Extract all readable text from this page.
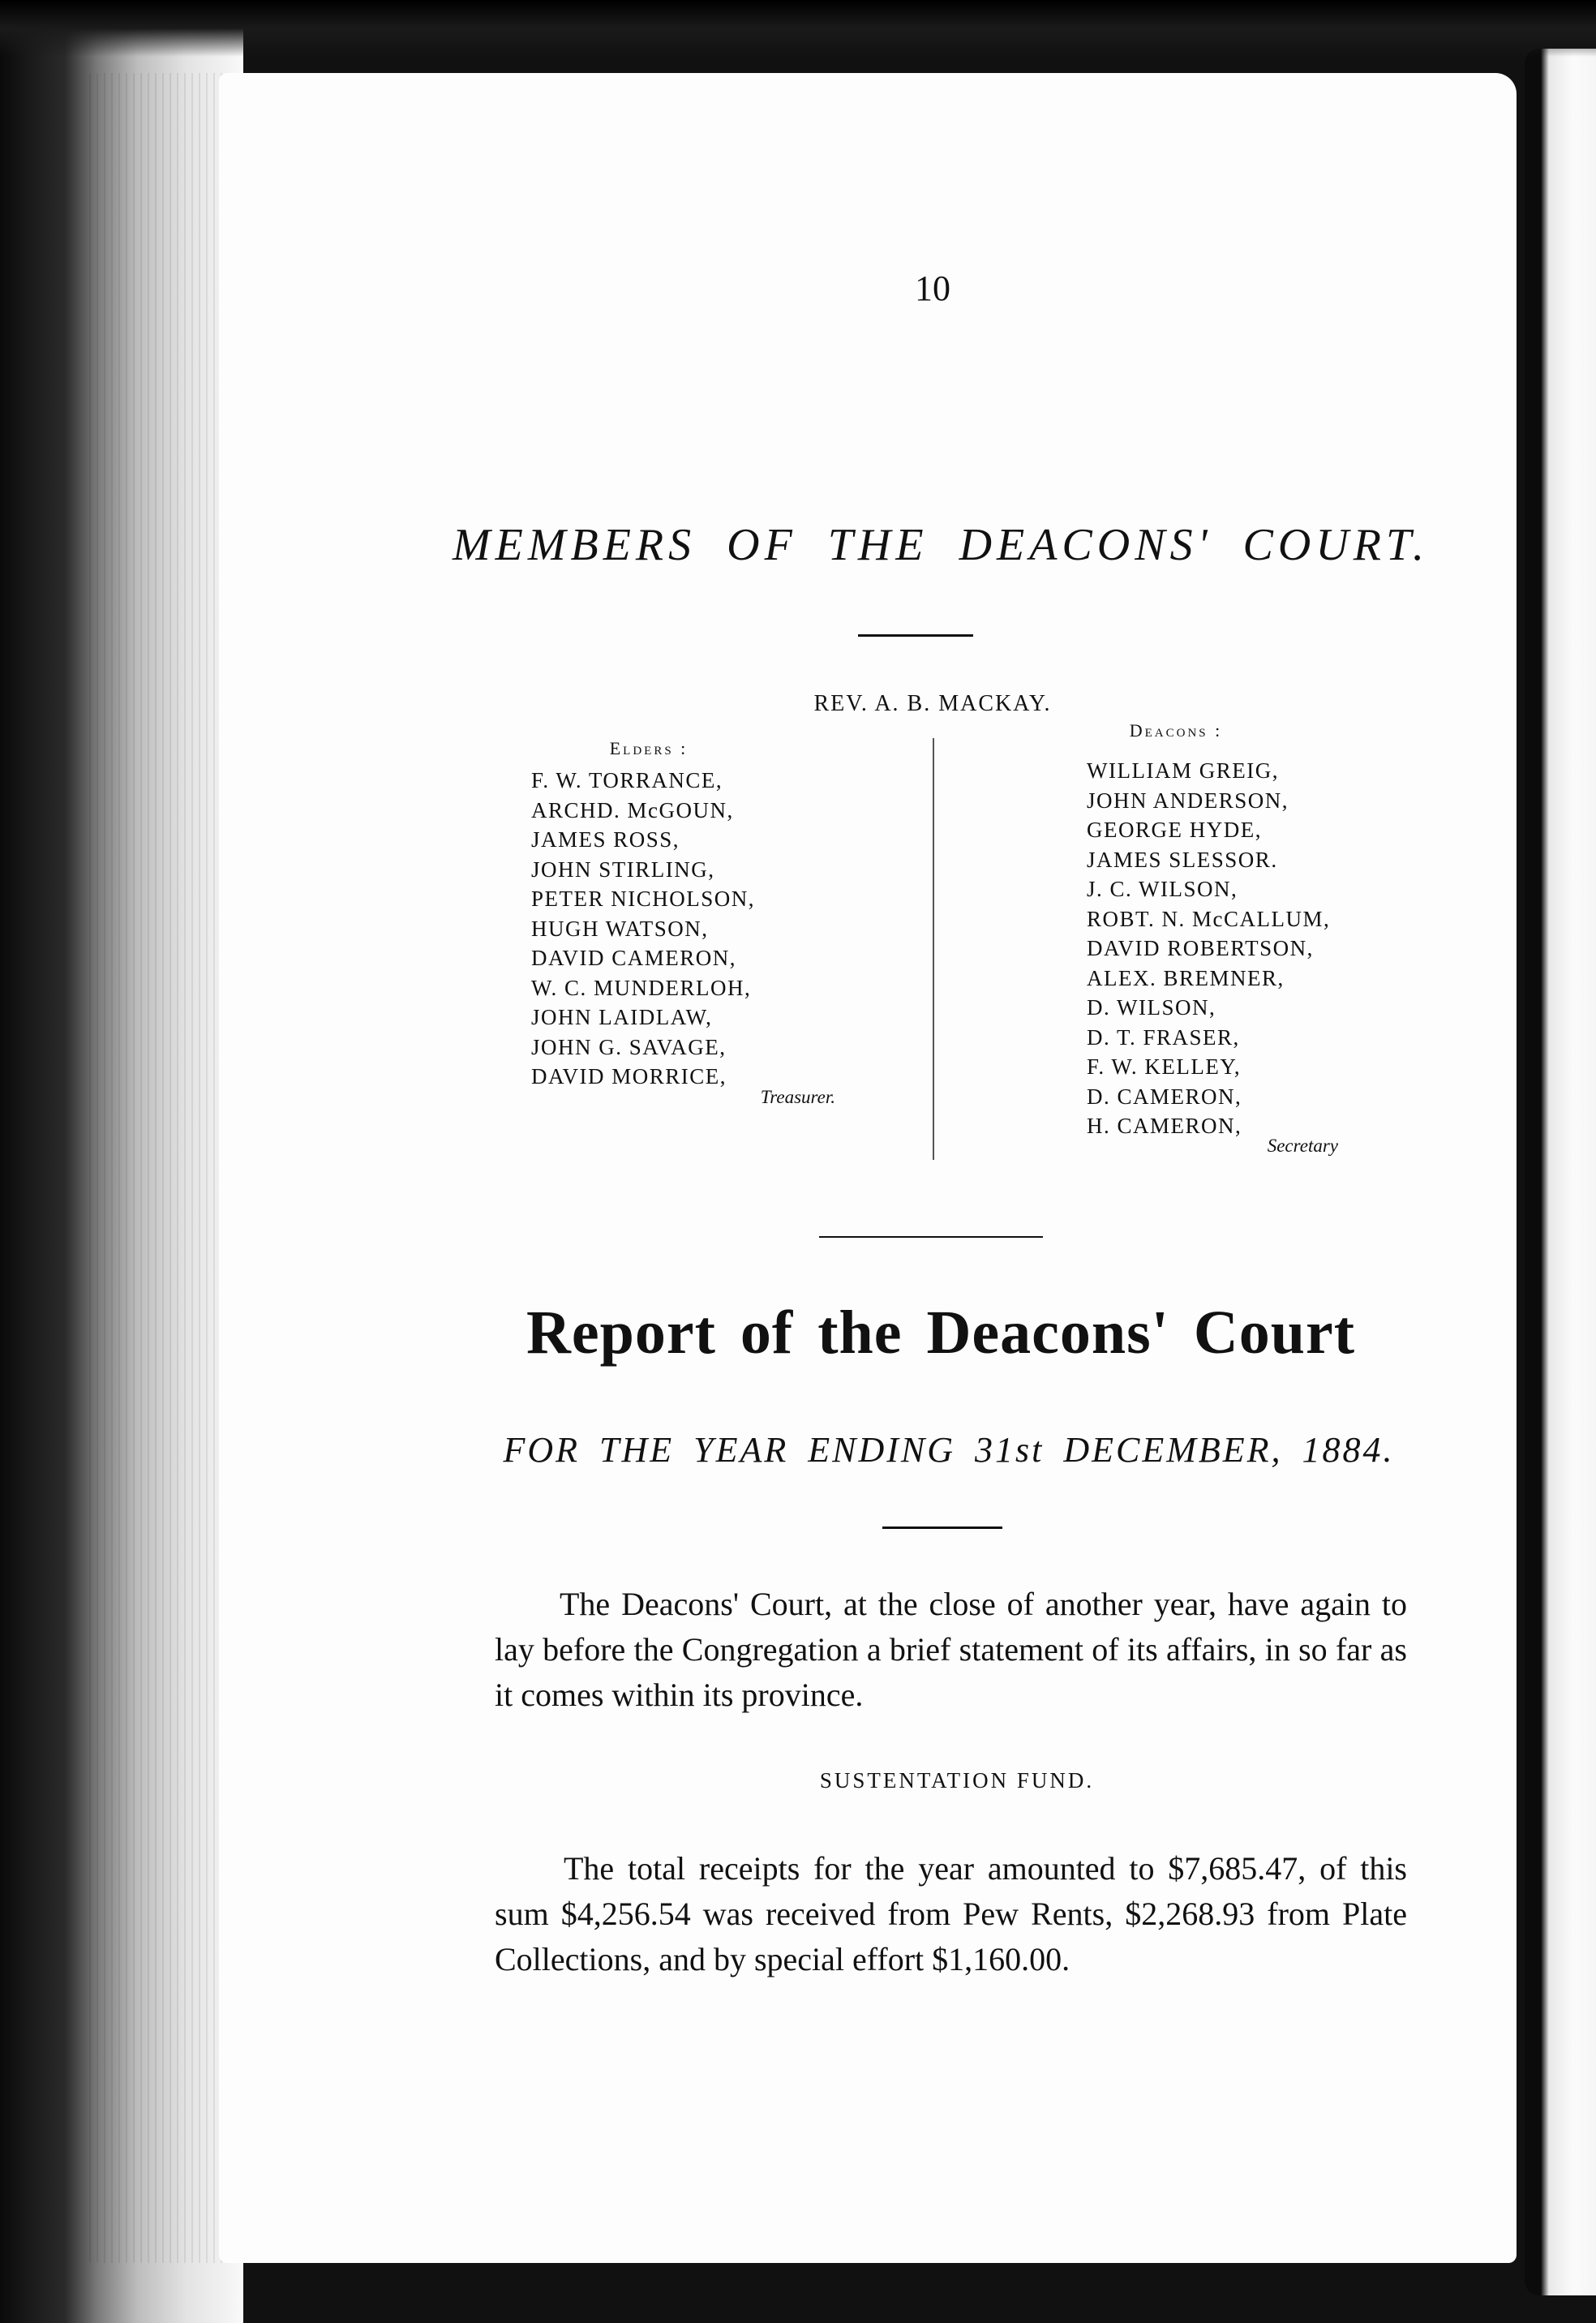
10
MEMBERS OF THE DEACONS' COURT.
REV. A. B. MACKAY.
Elders :
F. W. TORRANCE,
ARCHD. McGOUN,
JAMES ROSS,
JOHN STIRLING,
PETER NICHOLSON,
HUGH WATSON,
DAVID CAMERON,
W. C. MUNDERLOH,
JOHN LAIDLAW,
JOHN G. SAVAGE,
DAVID MORRICE,
Treasurer.
Deacons :
WILLIAM GREIG,
JOHN ANDERSON,
GEORGE HYDE,
JAMES SLESSOR.
J. C. WILSON,
ROBT. N. McCALLUM,
DAVID ROBERTSON,
ALEX. BREMNER,
D. WILSON,
D. T. FRASER,
F. W. KELLEY,
D. CAMERON,
H. CAMERON,
Secretary
Report of the Deacons' Court
FOR THE YEAR ENDING 31st DECEMBER, 1884.

The Deacons' Court, at the close of another year, have again to lay before the Congregation a brief statement of its affairs, in so far as it comes within its province.

SUSTENTATION FUND.

The total receipts for the year amounted to $7,685.47, of this sum $4,256.54 was received from Pew Rents, $2,268.93 from Plate Collections, and by special effort $1,160.00.
